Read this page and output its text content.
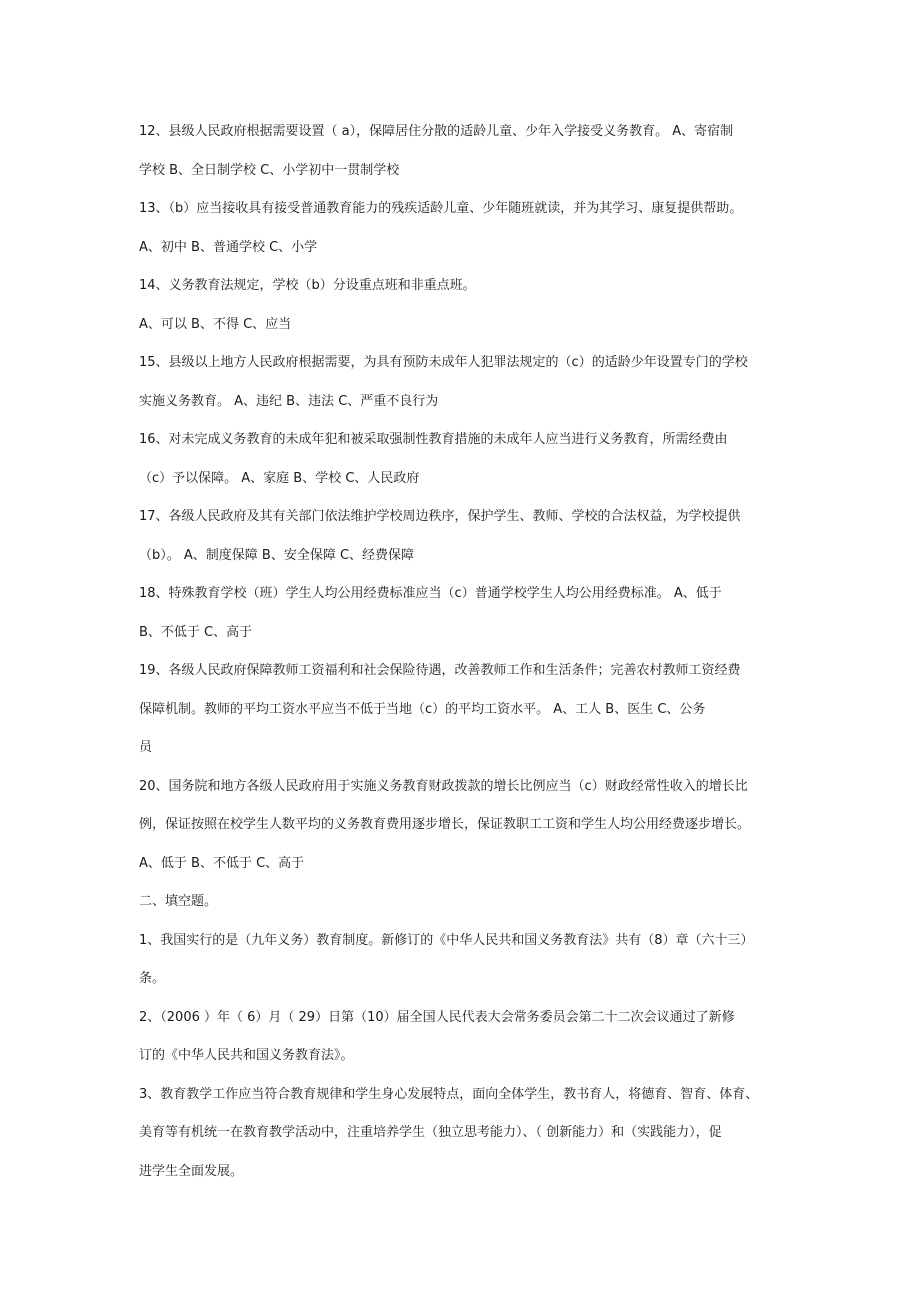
12、县级人民政府根据需要设置（ a），保障居住分散的适龄儿童、少年入学接受义务教育。 A、寄宿制
学校 B、全日制学校 C、小学初中一贯制学校
13、（b）应当接收具有接受普通教育能力的残疾适龄儿童、少年随班就读，并为其学习、康复提供帮助。
A、初中 B、普通学校 C、小学
14、义务教育法规定，学校（b）分设重点班和非重点班。
A、可以 B、不得 C、应当
15、县级以上地方人民政府根据需要，为具有预防未成年人犯罪法规定的（c）的适龄少年设置专门的学校
实施义务教育。 A、违纪 B、违法 C、严重不良行为
16、对未完成义务教育的未成年犯和被采取强制性教育措施的未成年人应当进行义务教育，所需经费由
（c）予以保障。 A、家庭 B、学校 C、人民政府
17、各级人民政府及其有关部门依法维护学校周边秩序，保护学生、教师、学校的合法权益，为学校提供
（b）。 A、制度保障 B、安全保障 C、经费保障
18、特殊教育学校（班）学生人均公用经费标准应当（c）普通学校学生人均公用经费标准。 A、低于
B、不低于 C、高于
19、各级人民政府保障教师工资福利和社会保险待遇，改善教师工作和生活条件；完善农村教师工资经费
保障机制。教师的平均工资水平应当不低于当地（c）的平均工资水平。 A、工人 B、医生 C、公务
员
20、国务院和地方各级人民政府用于实施义务教育财政拨款的增长比例应当（c）财政经常性收入的增长比
例，保证按照在校学生人数平均的义务教育费用逐步增长，保证教职工工资和学生人均公用经费逐步增长。
A、低于 B、不低于 C、高于
二、填空题。
1、我国实行的是（九年义务）教育制度。新修订的《中华人民共和国义务教育法》共有（8）章（六十三）
条。
2、（2006 ）年（ 6）月（ 29）日第（10）届全国人民代表大会常务委员会第二十二次会议通过了新修
订的《中华人民共和国义务教育法》。
3、教育教学工作应当符合教育规律和学生身心发展特点，面向全体学生，教书育人，将德育、智育、体育、
美育等有机统一在教育教学活动中，注重培养学生（独立思考能力）、（ 创新能力）和（实践能力），促
进学生全面发展。
